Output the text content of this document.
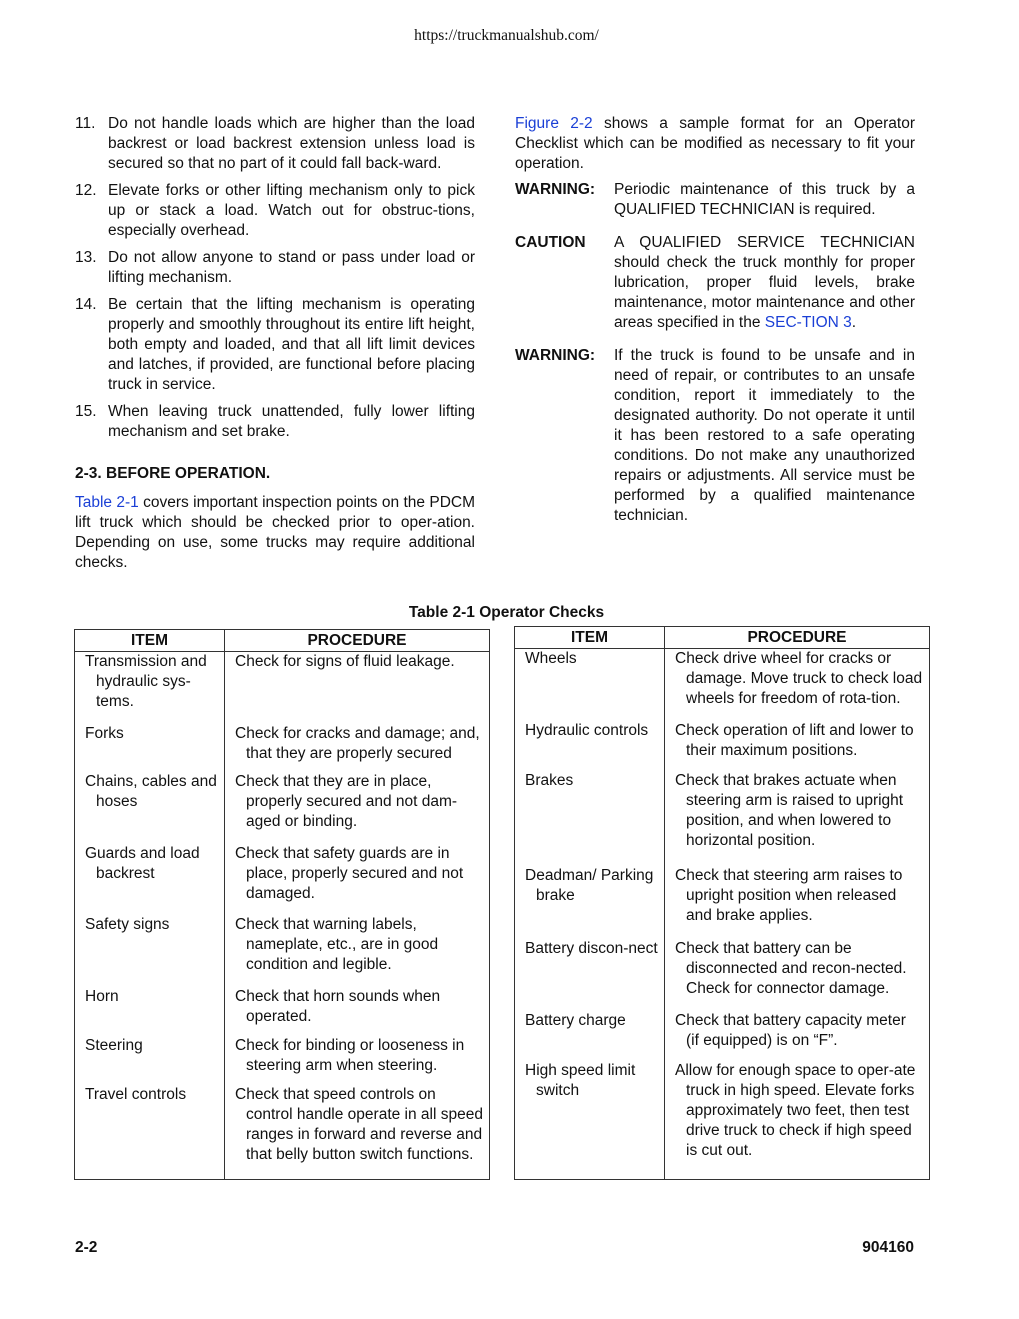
https://truckmanualshub.com/
11. Do not handle loads which are higher than the load backrest or load backrest extension unless load is secured so that no part of it could fall back-ward.
12. Elevate forks or other lifting mechanism only to pick up or stack a load. Watch out for obstruc-tions, especially overhead.
13. Do not allow anyone to stand or pass under load or lifting mechanism.
14. Be certain that the lifting mechanism is operating properly and smoothly throughout its entire lift height, both empty and loaded, and that all lift limit devices and latches, if provided, are functional before placing truck in service.
15. When leaving truck unattended, fully lower lifting mechanism and set brake.
2-3. BEFORE OPERATION.
Table 2-1 covers important inspection points on the PDCM lift truck which should be checked prior to oper-ation. Depending on use, some trucks may require additional checks.
Figure 2-2 shows a sample format for an Operator Checklist which can be modified as necessary to fit your operation.
WARNING:	Periodic maintenance of this truck by a QUALIFIED TECHNICIAN is required.
CAUTION	A QUALIFIED SERVICE TECHNICIAN should check the truck monthly for proper lubrication, proper fluid levels, brake maintenance, motor maintenance and other areas specified in the SEC-TION 3.
WARNING:	If the truck is found to be unsafe and in need of repair, or contributes to an unsafe condition, report it immediately to the designated authority. Do not operate it until it has been restored to a safe operating conditions. Do not make any unauthorized repairs or adjustments. All service must be performed by a qualified maintenance technician.
Table 2-1 Operator Checks
ITEM	PROCEDURE

Transmission and hydraulic sys-tems.	Check for signs of fluid leakage.

Forks	Check for cracks and damage; and, that they are properly secured

Chains, cables and hoses	Check that they are in place, properly secured and not dam-aged or binding.

Guards and load backrest	Check that safety guards are in place, properly secured and not damaged.

Safety signs	Check that warning labels, nameplate, etc., are in good condition and legible.

Horn	Check that horn sounds when operated.

Steering	Check for binding or looseness in steering arm when steering.

Travel controls	Check that speed controls on control handle operate in all speed ranges in forward and reverse and that belly button switch functions.

ITEM	PROCEDURE

Wheels	Check drive wheel for cracks or damage. Move truck to check load wheels for freedom of rota-tion.

Hydraulic controls	Check operation of lift and lower to their maximum positions.

Brakes	Check that brakes actuate when steering arm is raised to upright position, and when lowered to horizontal position.

Deadman/ Parking brake	Check that steering arm raises to upright position when released and brake applies.

Battery discon-nect	Check that battery can be disconnected and recon-nected. Check for connector damage.

Battery charge	Check that battery capacity meter (if equipped) is on “F”.

High speed limit switch	Allow for enough space to oper-ate truck in high speed. Elevate forks approximately two feet, then test drive truck to check if high speed is cut out.

2-2	904160
